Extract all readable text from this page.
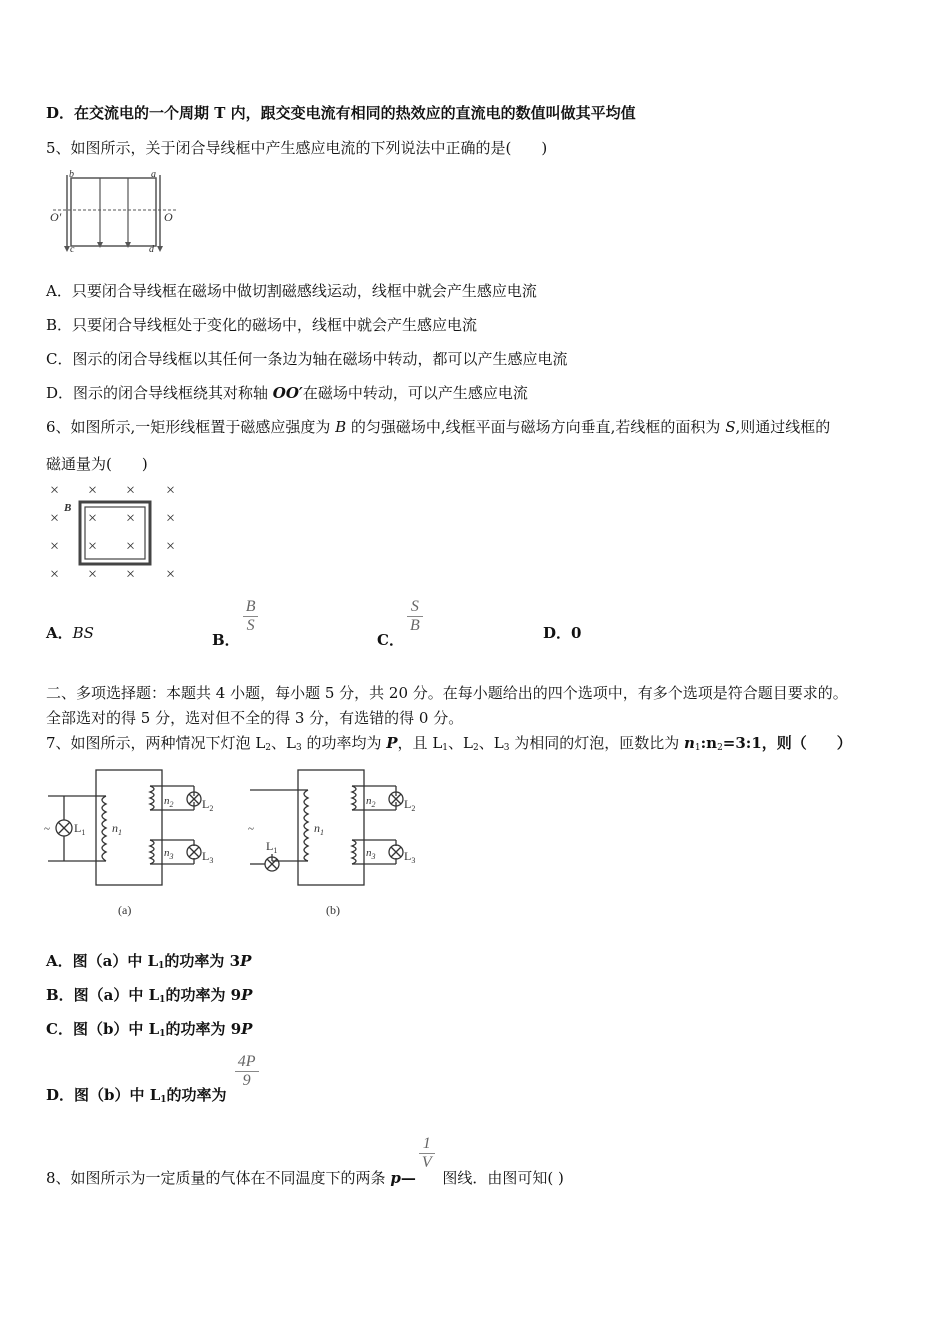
D．在交流电的一个周期 T 内，跟交变电流有相同的热效应的直流电的数值叫做其平均值
5、如图所示，关于闭合导线框中产生感应电流的下列说法中正确的是(　　)
b	a
c	d
O′	O
A．只要闭合导线框在磁场中做切割磁感线运动，线框中就会产生感应电流
B．只要闭合导线框处于变化的磁场中，线框中就会产生感应电流
C．图示的闭合导线框以其任何一条边为轴在磁场中转动，都可以产生感应电流
D．图示的闭合导线框绕其对称轴 OO′在磁场中转动，可以产生感应电流
6、如图所示,一矩形线框置于磁感应强度为 B 的匀强磁场中,线框平面与磁场方向垂直,若线框的面积为 S,则通过线框的
磁通量为(　　)
B
× × × ×
× × × ×
× × × ×
× × × ×
A．BS	B．
$\frac{B}{S}$
C．
$\frac{S}{B}$	D．0
二、多项选择题：本题共 4 小题，每小题 5 分，共 20 分。在每小题给出的四个选项中，有多个选项是符合题目要求的。
全部选对的得 5 分，选对但不全的得 3 分，有选错的得 0 分。
7、如图所示，两种情况下灯泡 $L_2$、$L_3$ 的功率均为 P，且 $L_1$、$L_2$、$L_3$ 为相同的灯泡，匝数比为 $n_1:n_2=3:1$，则（　　）
~ $L_1$ $n_1$
$n_2$ $L_2$
$n_3$ $L_3$
(a)
~
$L_1$
$n_1$
$n_2$ $L_2$
$n_3$ $L_3$
(b)
A．图（a）中 $L_1$的功率为 3P
B．图（a）中 $L_1$的功率为 9P
C．图（b）中 $L_1$的功率为 9P
D．图（b）中 $L_1$的功率为
$\frac{4P}{9}$
8、如图所示为一定质量的气体在不同温度下的两条 p—
$\frac{1}{V}$
图线．由图可知( )
